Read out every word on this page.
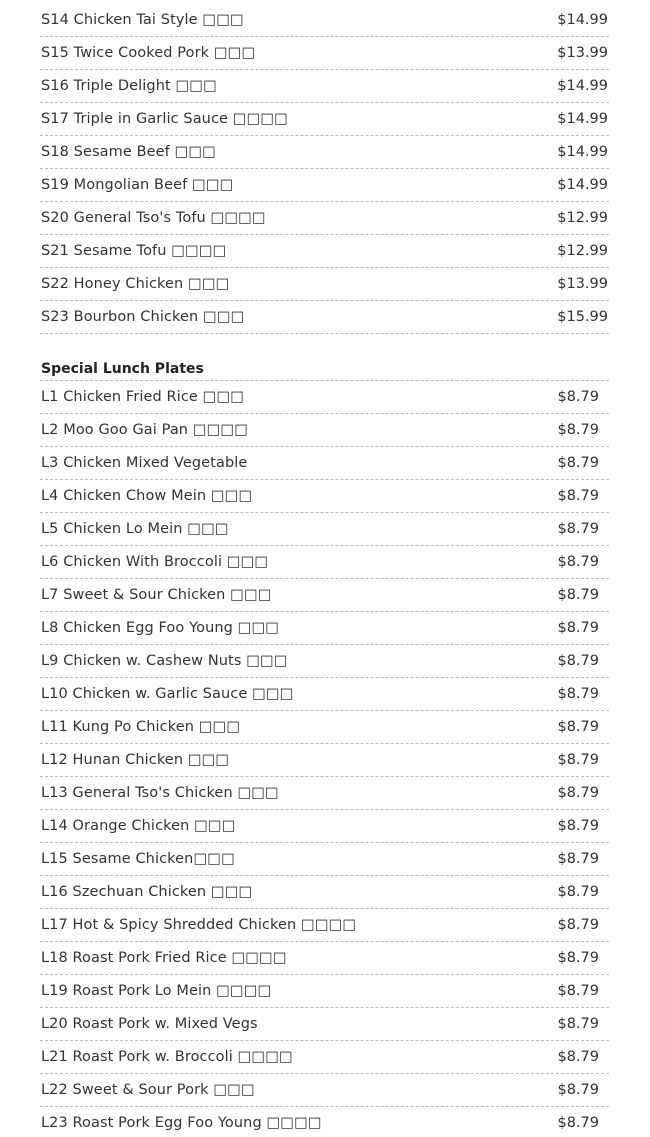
S14 Chicken Tai Style □□□	$14.99
S15 Twice Cooked Pork □□□	$13.99
S16 Triple Delight □□□	$14.99
S17 Triple in Garlic Sauce □□□□	$14.99
S18 Sesame Beef □□□	$14.99
S19 Mongolian Beef □□□	$14.99
S20 General Tso's Tofu □□□□	$12.99
S21 Sesame Tofu □□□□	$12.99
S22 Honey Chicken □□□	$13.99
S23 Bourbon Chicken □□□	$15.99
Special Lunch Plates
L1 Chicken Fried Rice □□□	$8.79
L2 Moo Goo Gai Pan □□□□	$8.79
L3 Chicken Mixed Vegetable	$8.79
L4 Chicken Chow Mein □□□	$8.79
L5 Chicken Lo Mein □□□	$8.79
L6 Chicken With Broccoli □□□	$8.79
L7 Sweet & Sour Chicken □□□	$8.79
L8 Chicken Egg Foo Young □□□	$8.79
L9 Chicken w. Cashew Nuts □□□	$8.79
L10 Chicken w. Garlic Sauce □□□	$8.79
L11 Kung Po Chicken □□□	$8.79
L12 Hunan Chicken □□□	$8.79
L13 General Tso's Chicken □□□	$8.79
L14 Orange Chicken □□□	$8.79
L15 Sesame Chicken□□□	$8.79
L16 Szechuan Chicken □□□	$8.79
L17 Hot & Spicy Shredded Chicken □□□□	$8.79
L18 Roast Pork Fried Rice □□□□	$8.79
L19 Roast Pork Lo Mein □□□□	$8.79
L20 Roast Pork w. Mixed Vegs	$8.79
L21 Roast Pork w. Broccoli □□□□	$8.79
L22 Sweet & Sour Pork □□□	$8.79
L23 Roast Pork Egg Foo Young □□□□	$8.79
